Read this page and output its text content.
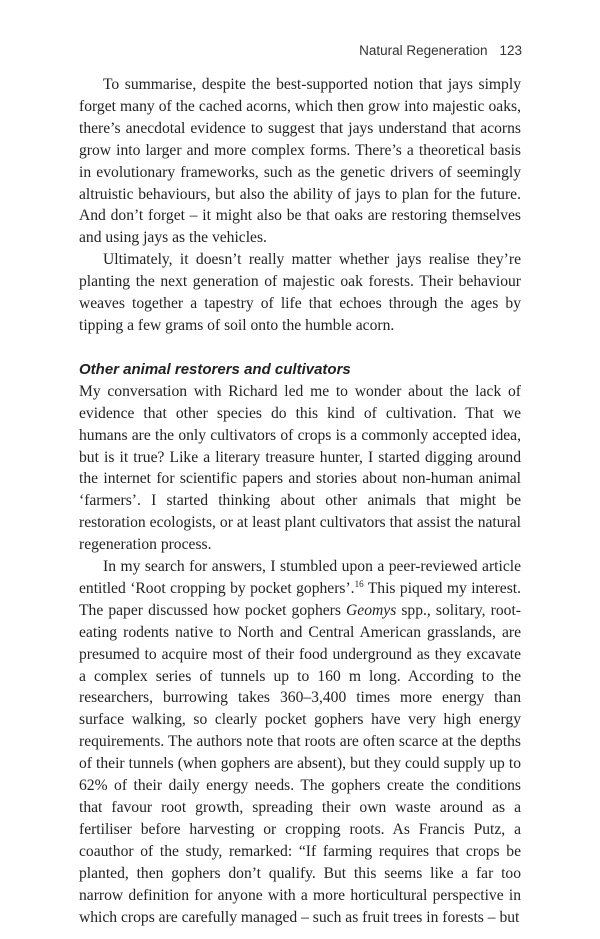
Natural Regeneration 123

To summarise, despite the best-supported notion that jays simply forget many of the cached acorns, which then grow into majestic oaks, there’s anecdotal evidence to suggest that jays understand that acorns grow into larger and more complex forms. There’s a theoretical basis in evolutionary frameworks, such as the genetic drivers of seemingly altruistic behaviours, but also the ability of jays to plan for the future. And don’t forget – it might also be that oaks are restoring themselves and using jays as the vehicles.

Ultimately, it doesn’t really matter whether jays realise they’re planting the next generation of majestic oak forests. Their behaviour weaves together a tapestry of life that echoes through the ages by tipping a few grams of soil onto the humble acorn.

Other animal restorers and cultivators

My conversation with Richard led me to wonder about the lack of evidence that other species do this kind of cultivation. That we humans are the only cultivators of crops is a commonly accepted idea, but is it true? Like a literary treasure hunter, I started digging around the internet for scientific papers and stories about non-human animal ‘farmers’. I started thinking about other animals that might be restoration ecologists, or at least plant cultivators that assist the natural regeneration process.

In my search for answers, I stumbled upon a peer-reviewed article entitled ‘Root cropping by pocket gophers’.$^{16}$ This piqued my interest. The paper discussed how pocket gophers Geomys spp., solitary, root-eating rodents native to North and Central American grasslands, are presumed to acquire most of their food underground as they excavate a complex series of tunnels up to 160 m long. According to the researchers, burrowing takes 360–3,400 times more energy than surface walking, so clearly pocket gophers have very high energy requirements. The authors note that roots are often scarce at the depths of their tunnels (when gophers are absent), but they could supply up to 62% of their daily energy needs. The gophers create the conditions that favour root growth, spreading their own waste around as a fertiliser before harvesting or cropping roots. As Francis Putz, a coauthor of the study, remarked: “If farming requires that crops be planted, then gophers don’t qualify. But this seems like a far too narrow definition for anyone with a more horticultural perspective in which crops are carefully managed – such as fruit trees in forests – but
